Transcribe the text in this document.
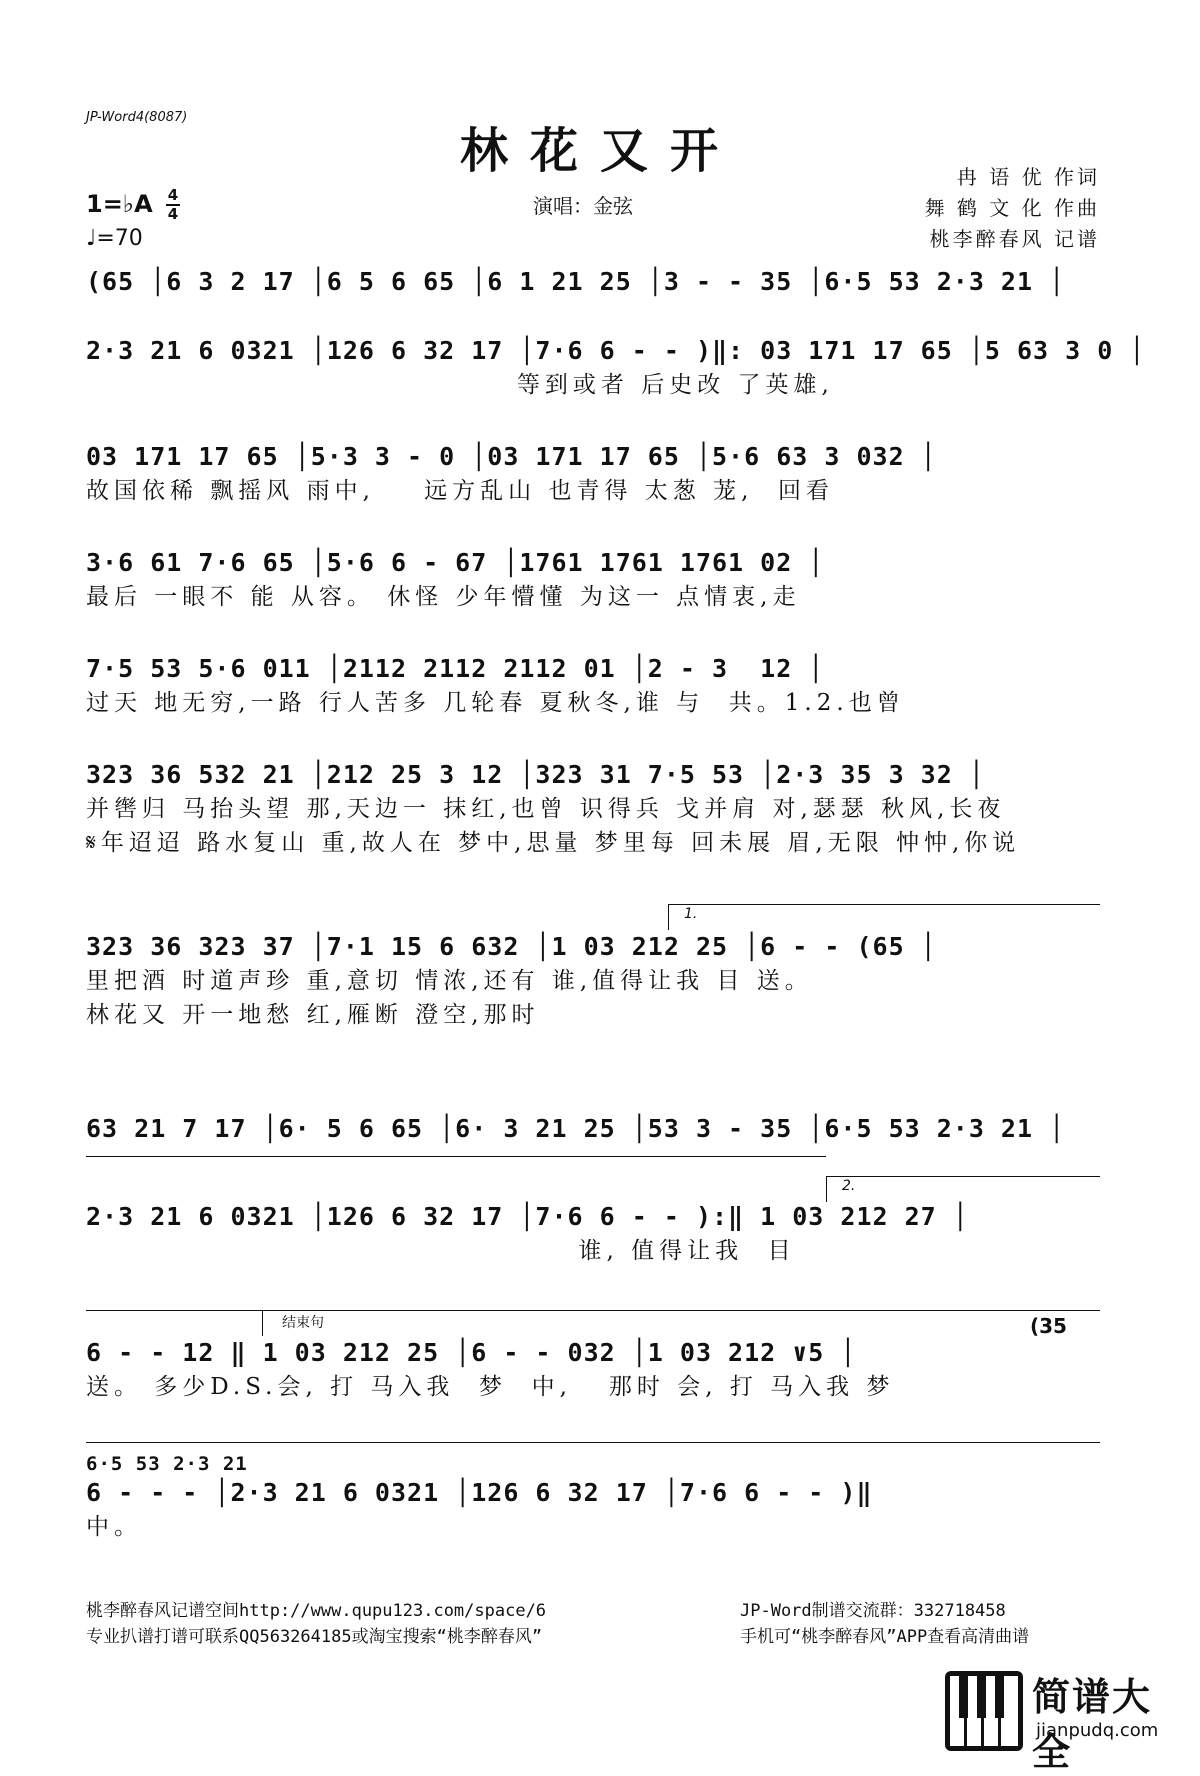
JP-Word4(8087)
林花又开
演唱：金弦
冉 语 优 作词
舞 鹤 文 化 作曲
桃李醉春风 记谱
1=♭A 4
4
♩=70
(65 │6 3 2 17 │6 5 6 65 │6 1 21 25 │3 - - 35 │6·5 53 2·3 21 │
2·3 21 6 0321 │126 6 32 17 │7·6 6 - - )‖: 03 171 17 65 │5 63 3 0 │
等到或者 后史改 了英雄,
03 171 17 65 │5·3 3 - 0 │03 171 17 65 │5·6 63 3 032 │
故国依稀 飘摇风 雨中,    远方乱山 也青得 太葱 茏,  回看
3·6 61 7·6 65 │5·6 6 - 67 │1761 1761 1761 02 │
最后 一眼不 能 从容。 休怪 少年懵懂 为这一 点情衷,走
7·5 53 5·6 011 │2112 2112 2112 01 │2 - 3  12 │
过天 地无穷,一路 行人苦多 几轮春 夏秋冬,谁 与  共。1.2.也曾
323 36 532 21 │212 25 3 12 │323 31 7·5 53 │2·3 35 3 32 │
并辔归 马抬头望 那,天边一 抹红,也曾 识得兵 戈并肩 对,瑟瑟 秋风,长夜
𝄋年迢迢 路水复山 重,故人在 梦中,思量 梦里每 回未展 眉,无限 忡忡,你说
1.
323 36 323 37 │7·1 15 6 632 │1 03 212 25 │6 - - (65 │
里把酒 时道声珍 重,意切 情浓,还有 谁,值得让我 目 送。
林花又 开一地愁 红,雁断 澄空,那时
63 21 7 17 │6· 5 6 65 │6· 3 21 25 │53 3 - 35 │6·5 53 2·3 21 │
2.
2·3 21 6 0321 │126 6 32 17 │7·6 6 - - ):‖ 1 03 212 27 │
谁, 值得让我  目
结束句	(35
6 - - 12 ‖ 1 03 212 25 │6 - - 032 │1 03 212 ∨5 │
送。 多少D.S.会, 打 马入我  梦  中,   那时 会, 打 马入我 梦
6·5 53 2·3 21
6 - - - │2·3 21 6 0321 │126 6 32 17 │7·6 6 - - )‖
中。
桃李醉春风记谱空间http://www.qupu123.com/space/6
专业扒谱打谱可联系QQ563264185或淘宝搜索“桃李醉春风”
JP-Word制谱交流群：332718458
手机可“桃李醉春风”APP查看高清曲谱
简谱大全
jianpudq.com
